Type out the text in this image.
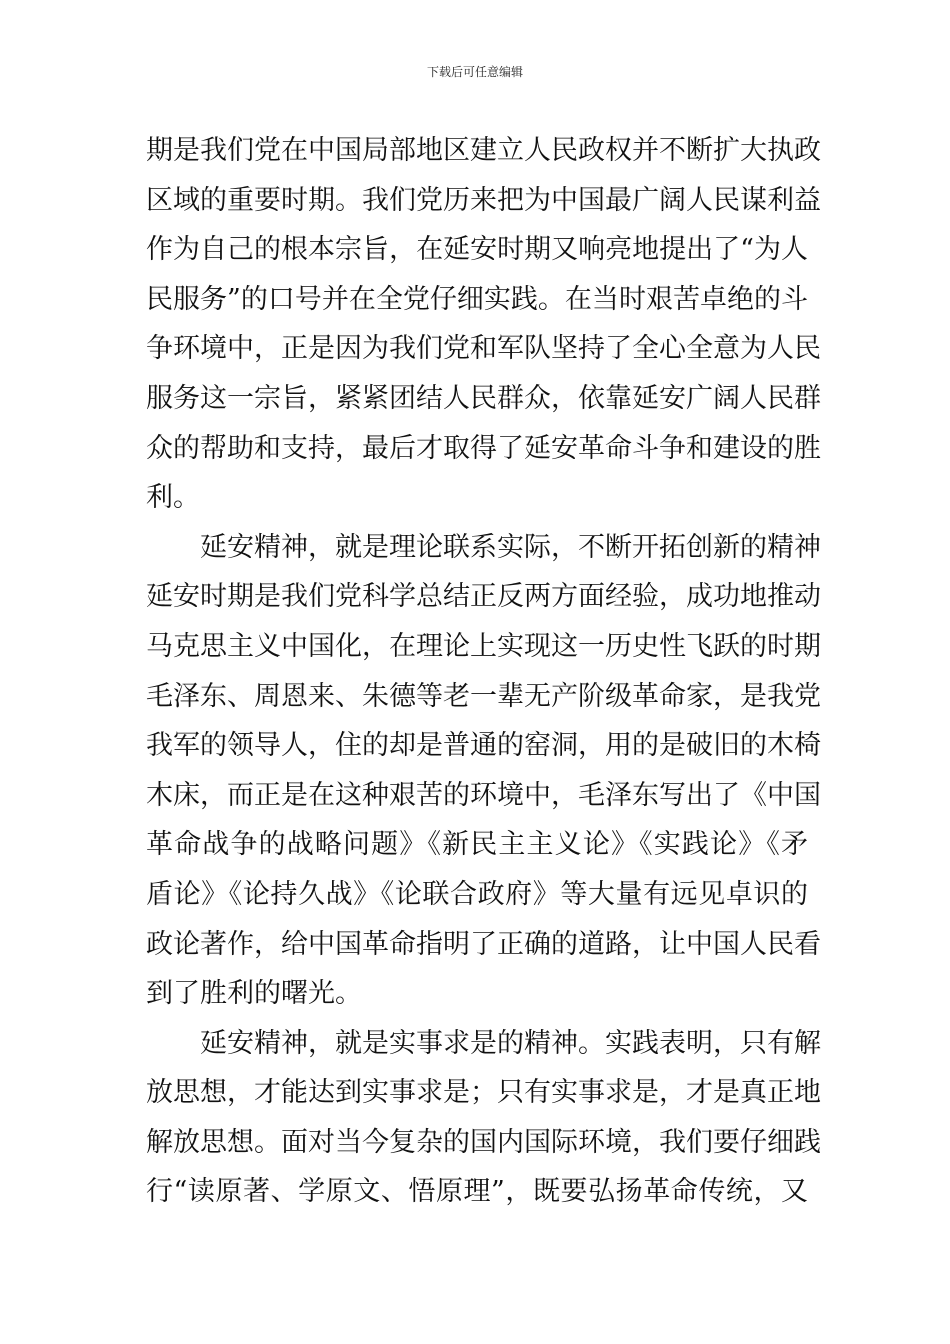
下载后可任意编辑
期是我们党在中国局部地区建立人民政权并不断扩大执政
区域的重要时期。我们党历来把为中国最广阔人民谋利益
作为自己的根本宗旨，在延安时期又响亮地提出了“为人
民服务”的口号并在全党仔细实践。在当时艰苦卓绝的斗
争环境中，正是因为我们党和军队坚持了全心全意为人民
服务这一宗旨，紧紧团结人民群众，依靠延安广阔人民群
众的帮助和支持，最后才取得了延安革命斗争和建设的胜
利。
延安精神，就是理论联系实际，不断开拓创新的精神
延安时期是我们党科学总结正反两方面经验，成功地推动
马克思主义中国化，在理论上实现这一历史性飞跃的时期
毛泽东、周恩来、朱德等老一辈无产阶级革命家，是我党
我军的领导人，住的却是普通的窑洞，用的是破旧的木椅
木床，而正是在这种艰苦的环境中，毛泽东写出了《中国
革命战争的战略问题》《新民主主义论》《实践论》《矛
盾论》《论持久战》《论联合政府》等大量有远见卓识的
政论著作，给中国革命指明了正确的道路，让中国人民看
到了胜利的曙光。
延安精神，就是实事求是的精神。实践表明，只有解
放思想，才能达到实事求是；只有实事求是，才是真正地
解放思想。面对当今复杂的国内国际环境，我们要仔细践
行“读原著、学原文、悟原理”，既要弘扬革命传统，又
